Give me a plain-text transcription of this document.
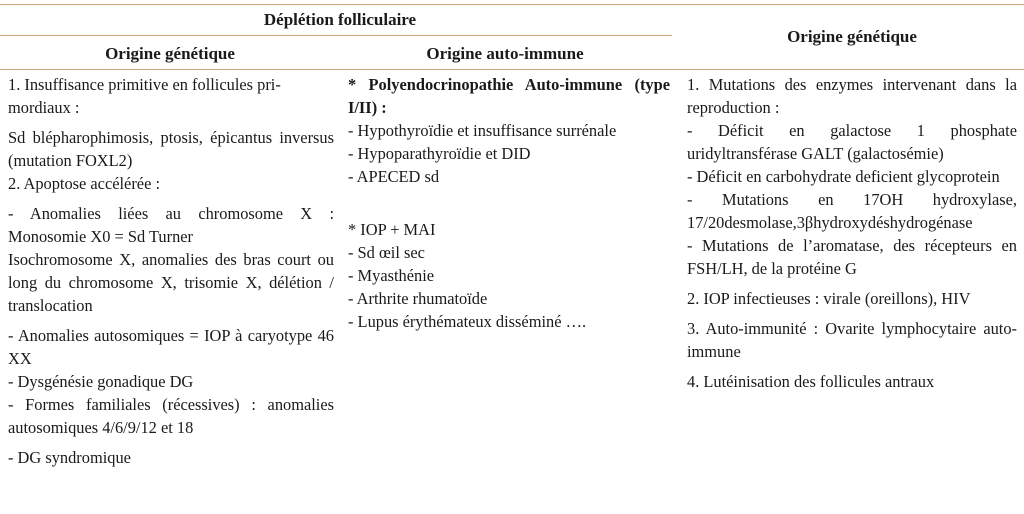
Déplétion folliculaire
Origine génétique	Origine auto-immune
Origine génétique

1. Insuffisance primitive en follicules pri-
mordiaux :

Sd blépharophimosis, ptosis, épicantus inversus (mutation FOXL2)

2. Apoptose accélérée :

- Anomalies liées au chromosome X : Monosomie X0 = Sd Turner

Isochromosome X, anomalies des bras court ou long du chromosome X, trisomie X, délétion / translocation

- Anomalies autosomiques = IOP à caryotype 46 XX

- Dysgénésie gonadique DG

- Formes familiales (récessives) : anomalies autosomiques 4/6/9/12 et 18

- DG syndromique

* Polyendocrinopathie Auto-immune (type I/II) :

- Hypothyroïdie et insuffisance surrénale

- Hypoparathyroïdie et DID

- APECED sd

* IOP + MAI

- Sd œil sec

- Myasthénie

- Arthrite rhumatoïde

- Lupus érythémateux disséminé ….

1. Mutations des enzymes intervenant dans la reproduction :

- Déficit en galactose 1 phosphate uridyltransférase GALT (galactosémie)

- Déficit en carbohydrate deficient glycoprotein

- Mutations en 17OH hydroxylase, 17/20desmolase,3βhydroxydéshydrogénase

- Mutations de l’aromatase, des récepteurs en FSH/LH, de la protéine G

2. IOP infectieuses : virale (oreillons), HIV

3. Auto-immunité : Ovarite lymphocytaire auto-immune

4. Lutéinisation des follicules antraux
